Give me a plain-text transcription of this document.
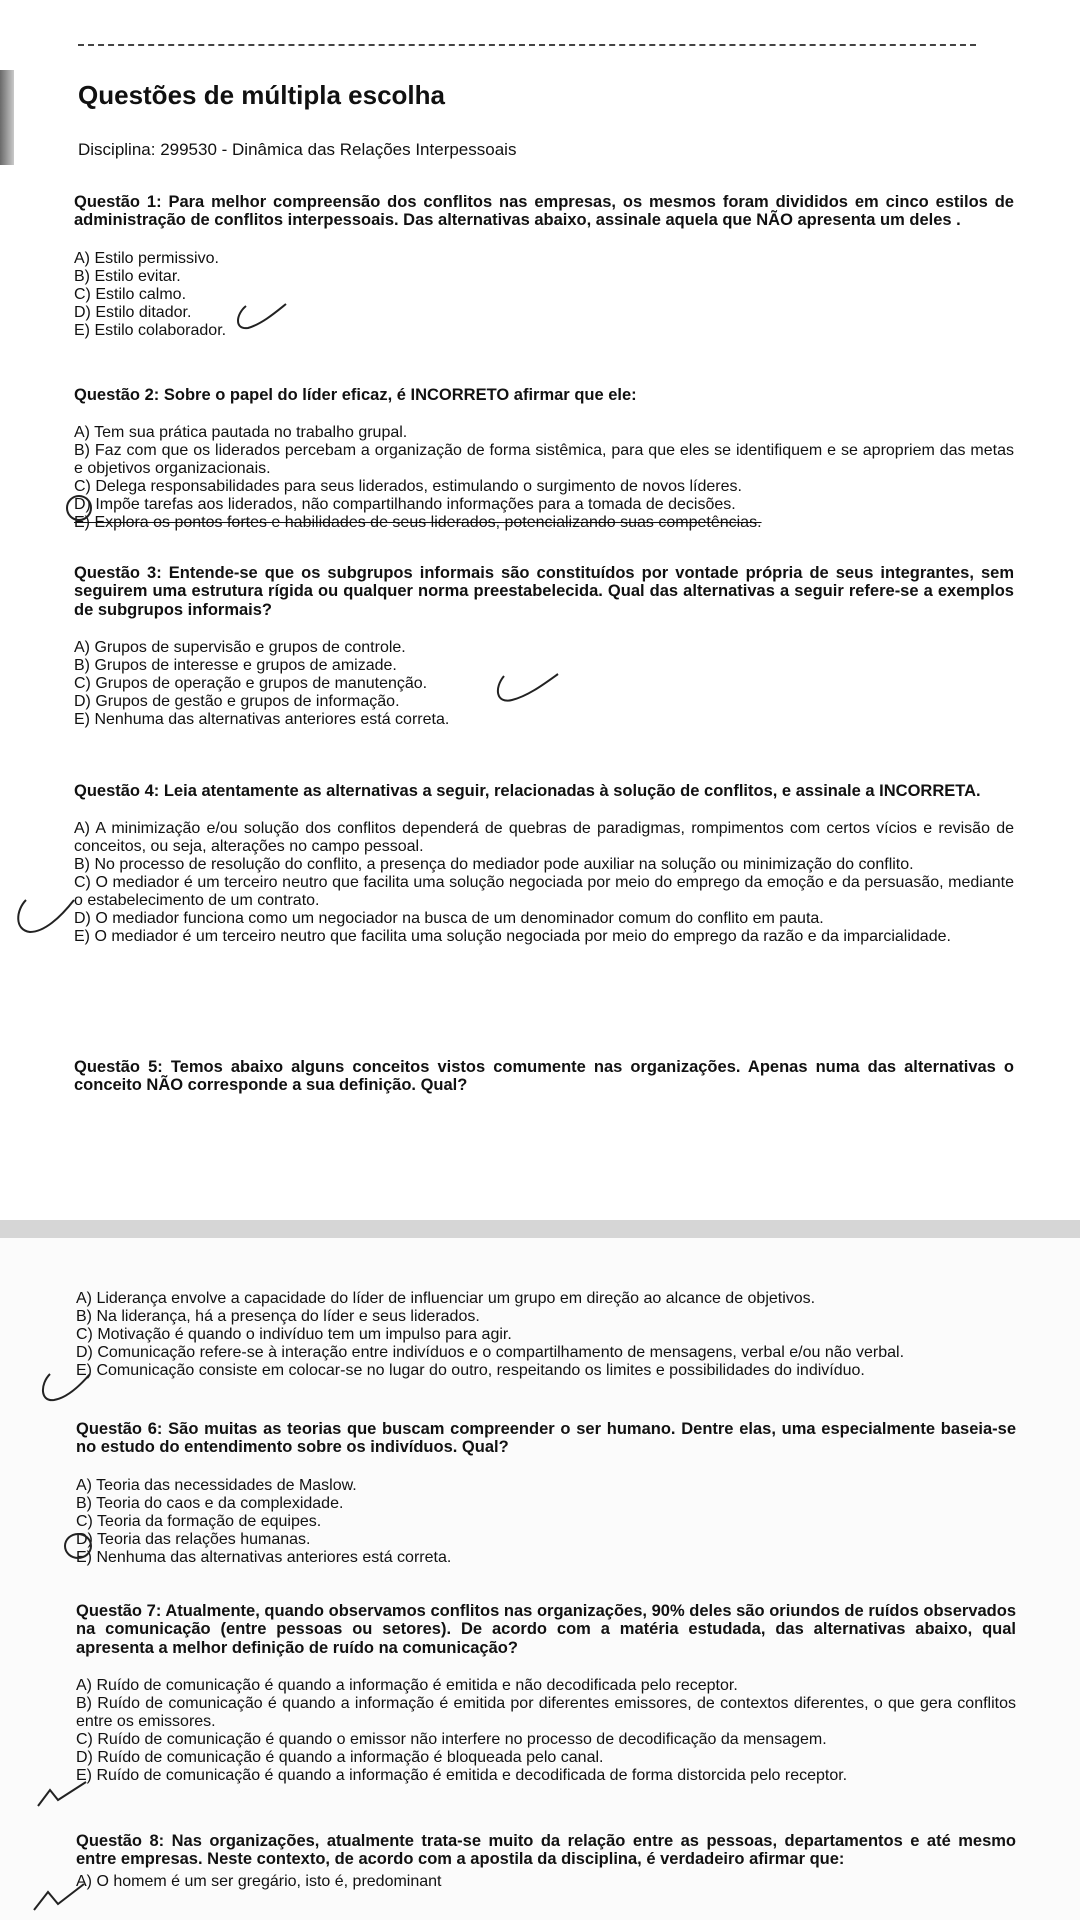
Questões de múltipla escolha

Disciplina: 299530 - Dinâmica das Relações Interpessoais

Questão 1: Para melhor compreensão dos conflitos nas empresas, os mesmos foram divididos em cinco estilos de administração de conflitos interpessoais. Das alternativas abaixo, assinale aquela que NÃO apresenta um deles .

A) Estilo permissivo.

B) Estilo evitar.

C) Estilo calmo.

D) Estilo ditador.

E) Estilo colaborador.

Questão 2: Sobre o papel do líder eficaz, é INCORRETO afirmar que ele:

A) Tem sua prática pautada no trabalho grupal.

B) Faz com que os liderados percebam a organização de forma sistêmica, para que eles se identifiquem e se apropriem das metas e objetivos organizacionais.

C) Delega responsabilidades para seus liderados, estimulando o surgimento de novos líderes.

D) Impõe tarefas aos liderados, não compartilhando informações para a tomada de decisões.

E) Explora os pontos fortes e habilidades de seus liderados, potencializando suas competências.

Questão 3: Entende-se que os subgrupos informais são constituídos por vontade própria de seus integrantes, sem seguirem uma estrutura rígida ou qualquer norma preestabelecida. Qual das alternativas a seguir refere-se a exemplos de subgrupos informais?

A) Grupos de supervisão e grupos de controle.

B) Grupos de interesse e grupos de amizade.

C) Grupos de operação e grupos de manutenção.

D) Grupos de gestão e grupos de informação.

E) Nenhuma das alternativas anteriores está correta.

Questão 4: Leia atentamente as alternativas a seguir, relacionadas à solução de conflitos, e assinale a INCORRETA.

A) A minimização e/ou solução dos conflitos dependerá de quebras de paradigmas, rompimentos com certos vícios e revisão de conceitos, ou seja, alterações no campo pessoal.

B) No processo de resolução do conflito, a presença do mediador pode auxiliar na solução ou minimização do conflito.

C) O mediador é um terceiro neutro que facilita uma solução negociada por meio do emprego da emoção e da persuasão, mediante o estabelecimento de um contrato.

D) O mediador funciona como um negociador na busca de um denominador comum do conflito em pauta.

E) O mediador é um terceiro neutro que facilita uma solução negociada por meio do emprego da razão e da imparcialidade.

Questão 5: Temos abaixo alguns conceitos vistos comumente nas organizações. Apenas numa das alternativas o conceito NÃO corresponde a sua definição. Qual?

A) Liderança envolve a capacidade do líder de influenciar um grupo em direção ao alcance de objetivos.

B) Na liderança, há a presença do líder e seus liderados.

C) Motivação é quando o indivíduo tem um impulso para agir.

D) Comunicação refere-se à interação entre indivíduos e o compartilhamento de mensagens, verbal e/ou não verbal.

E) Comunicação consiste em colocar-se no lugar do outro, respeitando os limites e possibilidades do indivíduo.

Questão 6: São muitas as teorias que buscam compreender o ser humano. Dentre elas, uma especialmente baseia-se no estudo do entendimento sobre os indivíduos. Qual?

A) Teoria das necessidades de Maslow.

B) Teoria do caos e da complexidade.

C) Teoria da formação de equipes.

D) Teoria das relações humanas.

E) Nenhuma das alternativas anteriores está correta.

Questão 7: Atualmente, quando observamos conflitos nas organizações, 90% deles são oriundos de ruídos observados na comunicação (entre pessoas ou setores). De acordo com a matéria estudada, das alternativas abaixo, qual apresenta a melhor definição de ruído na comunicação?

A) Ruído de comunicação é quando a informação é emitida e não decodificada pelo receptor.

B) Ruído de comunicação é quando a informação é emitida por diferentes emissores, de contextos diferentes, o que gera conflitos entre os emissores.

C) Ruído de comunicação é quando o emissor não interfere no processo de decodificação da mensagem.

D) Ruído de comunicação é quando a informação é bloqueada pelo canal.

E) Ruído de comunicação é quando a informação é emitida e decodificada de forma distorcida pelo receptor.

Questão 8: Nas organizações, atualmente trata-se muito da relação entre as pessoas, departamentos e até mesmo entre empresas. Neste contexto, de acordo com a apostila da disciplina, é verdadeiro afirmar que:

A) O homem é um ser gregário, isto é, predominant
